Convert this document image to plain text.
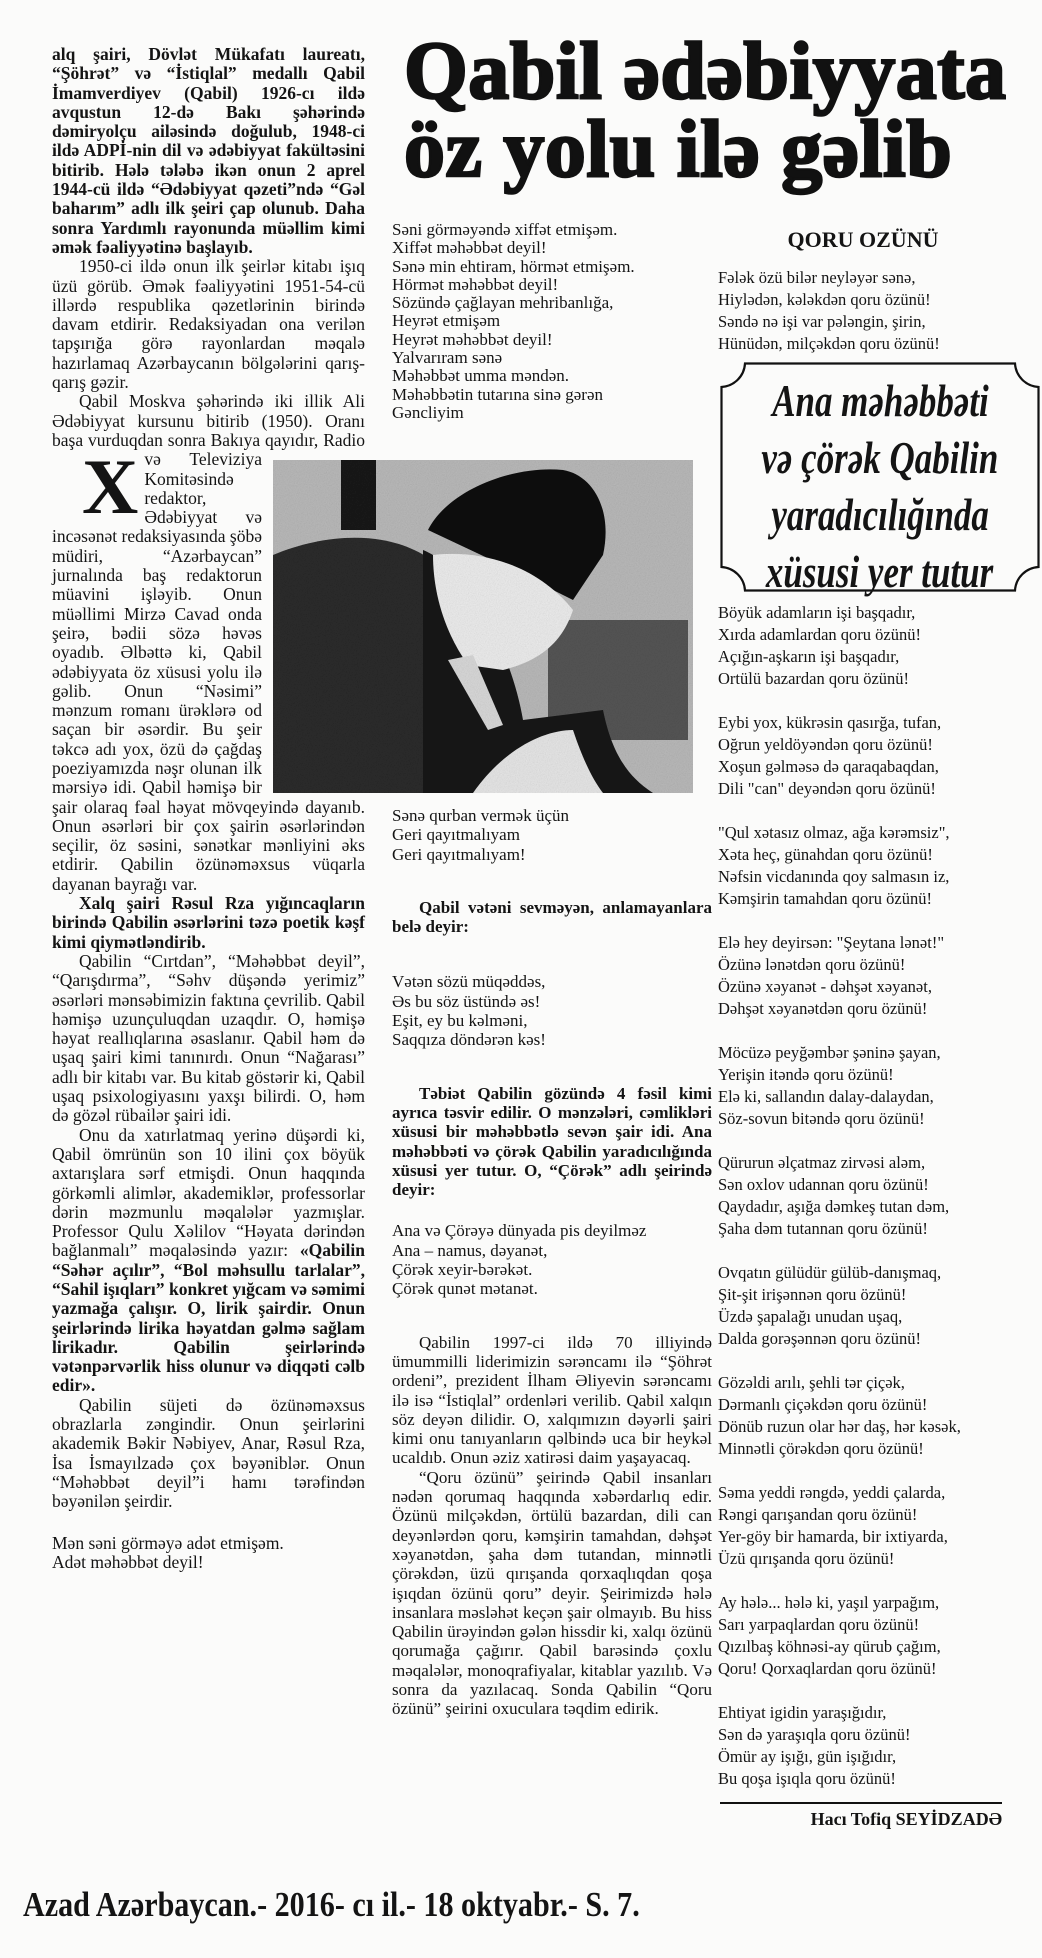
Qabil ədəbiyyata
öz yolu ilə gəlib

X
alq şairi, Dövlət Mükafatı laureatı, “Şöhrət” və “İstiqlal” medallı Qabil İmamverdiyev (Qabil) 1926-cı ildə avqustun 12-də Bakı şəhərində dəmiryolçu ailəsində doğulub, 1948-ci ildə ADPİ-nin dil və ədəbiyyat fakültəsini bitirib. Hələ tələbə ikən onun 2 aprel 1944-cü ildə “Ədəbiyyat qəzeti”ndə “Gəl baharım” adlı ilk şeiri çap olunub. Daha sonra Yardımlı rayonunda müəllim kimi əmək fəaliyyətinə başlayıb.

1950-ci ildə onun ilk şeirlər kitabı işıq üzü görüb. Əmək fəaliyyətini 1951-54-cü illərdə respublika qəzetlərinin birində davam etdirir. Redaksiyadan ona verilən tapşırığa görə rayonlardan məqalə hazırlamaq Azərbaycanın bölgələrini qarış-qarış gəzir.

Qabil Moskva şəhərində iki illik Ali Ədəbiyyat kursunu bitirib (1950). Oranı başa vurduqdan sonra Bakıya qayıdır, Radio və Televiziya Komitəsində redaktor, Ədəbiyyat və incəsənət redaksiyasında şöbə müdiri, “Azərbaycan” jurnalında baş redaktorun müavini işləyib. Onun müəllimi Mirzə Cavad onda şeirə, bədii sözə həvəs oyadıb. Əlbəttə ki, Qabil ədəbiyyata öz xüsusi yolu ilə gəlib. Onun “Nəsimi” mənzum romanı ürəklərə od saçan bir əsərdir. Bu şeir təkcə adı yox, özü də çağdaş poeziyamızda nəşr olunan ilk mərsiyə idi. Qabil həmişə bir şair olaraq fəal həyat mövqeyində dayanıb. Onun əsərləri bir çox şairin əsərlərindən seçilir, öz səsini, sənətkar mənliyini əks etdirir. Qabilin özünəməxsus vüqarla dayanan bayrağı var.

Xalq şairi Rəsul Rza yığıncaqların birində Qabilin əsərlərini təzə poetik kəşf kimi qiymətləndirib.

Qabilin “Cırtdan”, “Məhəbbət deyil”, “Qarışdırma”, “Səhv düşəndə yerimiz” əsərləri mənsəbimizin faktına çevrilib. Qabil həmişə uzunçuluqdan uzaqdır. O, həmişə həyat reallıqlarına əsaslanır. Qabil həm də uşaq şairi kimi tanınırdı. Onun “Nağarası” adlı bir kitabı var. Bu kitab göstərir ki, Qabil uşaq psixologiyasını yaxşı bilirdi. O, həm də gözəl rübailər şairi idi.

Onu da xatırlatmaq yerinə düşərdi ki, Qabil ömrünün son 10 ilini çox böyük axtarışlara sərf etmişdi. Onun haqqında görkəmli alimlər, akademiklər, professorlar dərin məzmunlu məqalələr yazmışlar. Professor Qulu Xəlilov “Həyata dərindən bağlanmalı” məqaləsində yazır: «Qabilin “Səhər açılır”, “Bol məhsullu tarlalar”, “Sahil işıqları” konkret yığcam və səmimi yazmağa çalışır. O, lirik şairdir. Onun şeirlərində lirika həyatdan gəlmə sağlam lirikadır. Qabilin şeirlərində vətənpərvərlik hiss olunur və diqqəti cəlb edir».

Qabilin süjeti də özünəməxsus obrazlarla zəngindir. Onun şeirlərini akademik Bəkir Nəbiyev, Anar, Rəsul Rza, İsa İsmayılzadə çox bəyəniblər. Onun “Məhəbbət deyil”i hamı tərəfindən bəyənilən şeirdir.

Mən səni görməyə adət etmişəm.
Adət məhəbbət deyil!
Səni görməyəndə xiffət etmişəm.
Xiffət məhəbbət deyil!
Sənə min ehtiram, hörmət etmişəm.
Hörmət məhəbbət deyil!
Sözündə çağlayan mehribanlığa,
Heyrət etmişəm
Heyrət məhəbbət deyil!
Yalvarıram sənə
Məhəbbət umma məndən.
Məhəbbətin tutarına sinə gərən
Gəncliyim
Sənə qurban vermək üçün
Geri qayıtmalıyam
Geri qayıtmalıyam!

Qabil vətəni sevməyən, anlamayanlara belə deyir:

Vətən sözü müqəddəs,
Əs bu söz üstündə əs!
Eşit, ey bu kəlməni,
Saqqıza döndərən kəs!

Təbiət Qabilin gözündə 4 fəsil kimi ayrıca təsvir edilir. O mənzələri, cəmlikləri xüsusi bir məhəbbətlə sevən şair idi. Ana məhəbbəti və çörək Qabilin yaradıcılığında xüsusi yer tutur. O, “Çörək” adlı şeirində deyir:

Ana və Çörəyə dünyada pis deyilməz
Ana – namus, dəyanət,
Çörək xeyir-bərəkət.
Çörək qunət mətanət.

Qabilin 1997-ci ildə 70 illiyində ümummilli liderimizin sərəncamı ilə “Şöhrət ordeni”, prezident İlham Əliyevin sərəncamı ilə isə “İstiqlal” ordenləri verilib. Qabil xalqın söz deyən dilidir. O, xalqımızın dəyərli şairi kimi onu tanıyanların qəlbində uca bir heykəl ucaldıb. Onun əziz xatirəsi daim yaşayacaq.

“Qoru özünü” şeirində Qabil insanları nədən qorumaq haqqında xəbərdarlıq edir. Özünü milçəkdən, örtülü bazardan, dili can deyənlərdən qoru, kəmşirin tamahdan, dəhşət xəyanətdən, şaha dəm tutandan, minnətli çörəkdən, üzü qırışanda qorxaqlıqdan qoşa işıqdan özünü qoru” deyir. Şeirimizdə hələ insanlara məsləhət keçən şair olmayıb. Bu hiss Qabilin ürəyindən gələn hissdir ki, xalqı özünü qorumağa çağırır. Qabil barəsində çoxlu məqalələr, monoqrafiyalar, kitablar yazılıb. Və sonra da yazılacaq. Sonda Qabilin “Qoru özünü” şeirini oxuculara təqdim edirik.

QORU OZÜNÜ
Fələk özü bilər neyləyər sənə,
Hiylədən, kələkdən qoru özünü!
Səndə nə işi var pələngin, şirin,
Hünüdən, milçəkdən qoru özünü!
Ana məhəbbəti
və çörək Qabilin
yaradıcılığında
xüsusi yer tutur
Böyük adamların işi başqadır,
Xırda adamlardan qoru özünü!
Açığın-aşkarın işi başqadır,
Ortülü bazardan qoru özünü!
Eybi yox, kükrəsin qasırğa, tufan,
Oğrun yeldöyəndən qoru özünü!
Xoşun gəlməsə də qaraqabaqdan,
Dili "can" deyəndən qoru özünü!
"Qul xətasız olmaz, ağa kərəmsiz",
Xəta heç, günahdan qoru özünü!
Nəfsin vicdanında qoy salmasın iz,
Kəmşirin tamahdan qoru özünü!
Elə hey deyirsən: "Şeytana lənət!"
Özünə lənətdən qoru özünü!
Özünə xəyanət - dəhşət xəyanət,
Dəhşət xəyanətdən qoru özünü!
Möcüzə peyğəmbər şəninə şayan,
Yerişin itəndə qoru özünü!
Elə ki, sallandın dalay-dalaydan,
Söz-sovun bitəndə qoru özünü!
Qürurun əlçatmaz zirvəsi aləm,
Sən oxlov udannan qoru özünü!
Qaydadır, aşığa dəmkeş tutan dəm,
Şaha dəm tutannan qoru özünü!
Ovqatın gülüdür gülüb-danışmaq,
Şit-şit irişənnən qoru özünü!
Üzdə şapalağı unudan uşaq,
Dalda gorəşənnən qoru özünü!
Gözəldi arılı, şehli tər çiçək,
Dərmanlı çiçəkdən qoru özünü!
Dönüb ruzun olar hər daş, hər kəsək,
Minnətli çörəkdən qoru özünü!
Səma yeddi rəngdə, yeddi çalarda,
Rəngi qarışandan qoru özünü!
Yer-göy bir hamarda, bir ixtiyarda,
Üzü qırışanda qoru özünü!
Ay hələ... hələ ki, yaşıl yarpağım,
Sarı yarpaqlardan qoru özünü!
Qızılbaş köhnəsi-ay qürub çağım,
Qoru! Qorxaqlardan qoru özünü!
Ehtiyat igidin yaraşığıdır,
Sən də yaraşıqla qoru özünü!
Ömür ay işığı, gün işığıdır,
Bu qoşa işıqla qoru özünü!
Hacı Tofiq SEYİDZADƏ
Azad Azərbaycan.- 2016- cı il.- 18 oktyabr.- S. 7.
